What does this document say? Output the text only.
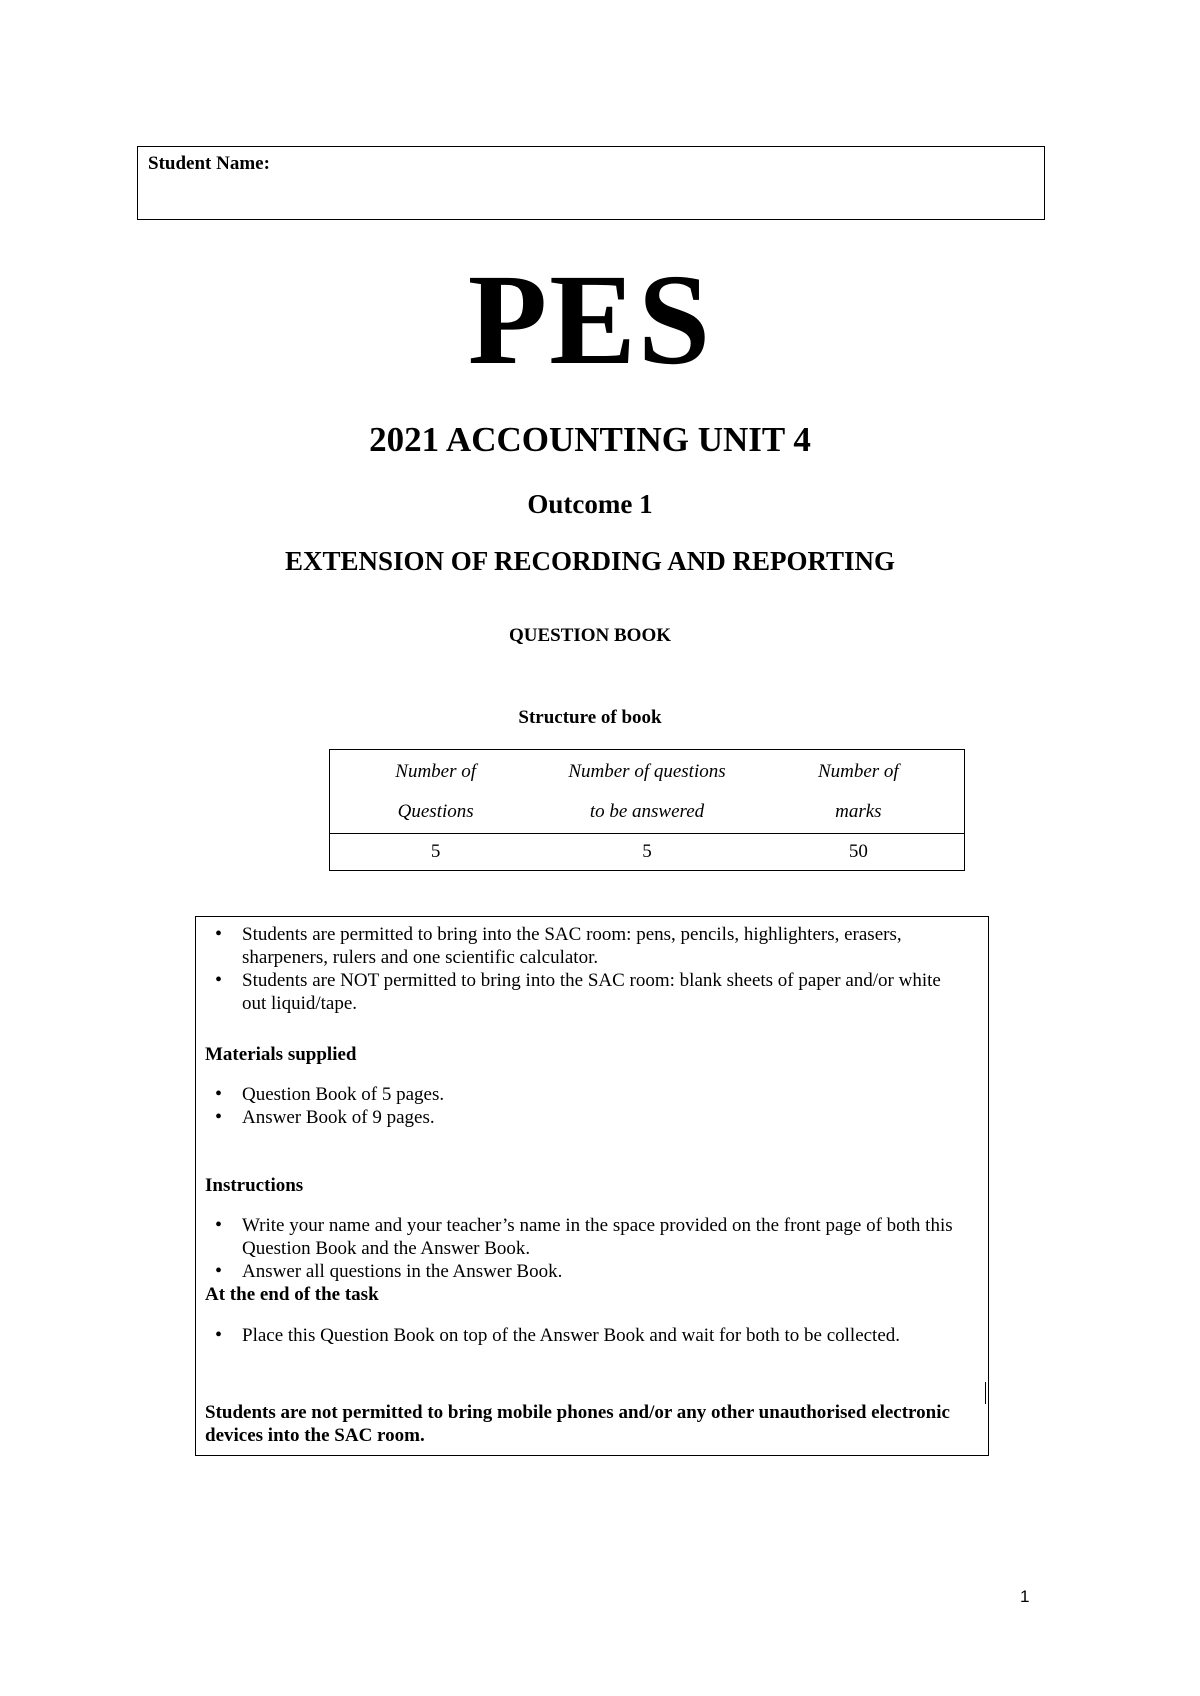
Student Name:
PES
2021 ACCOUNTING UNIT 4
Outcome 1
EXTENSION OF RECORDING AND REPORTING
QUESTION BOOK
Structure of book
Number of
Questions
Number of questions
to be answered
Number of
marks
5	5	50
• Students are permitted to bring into the SAC room: pens, pencils, highlighters, erasers, sharpeners, rulers and one scientific calculator.
• Students are NOT permitted to bring into the SAC room: blank sheets of paper and/or white out liquid/tape.
Materials supplied
• Question Book of 5 pages.
• Answer Book of 9 pages.
Instructions
• Write your name and your teacher’s name in the space provided on the front page of both this Question Book and the Answer Book.
• Answer all questions in the Answer Book.
At the end of the task
• Place this Question Book on top of the Answer Book and wait for both to be collected.
Students are not permitted to bring mobile phones and/or any other unauthorised electronic devices into the SAC room.
1
